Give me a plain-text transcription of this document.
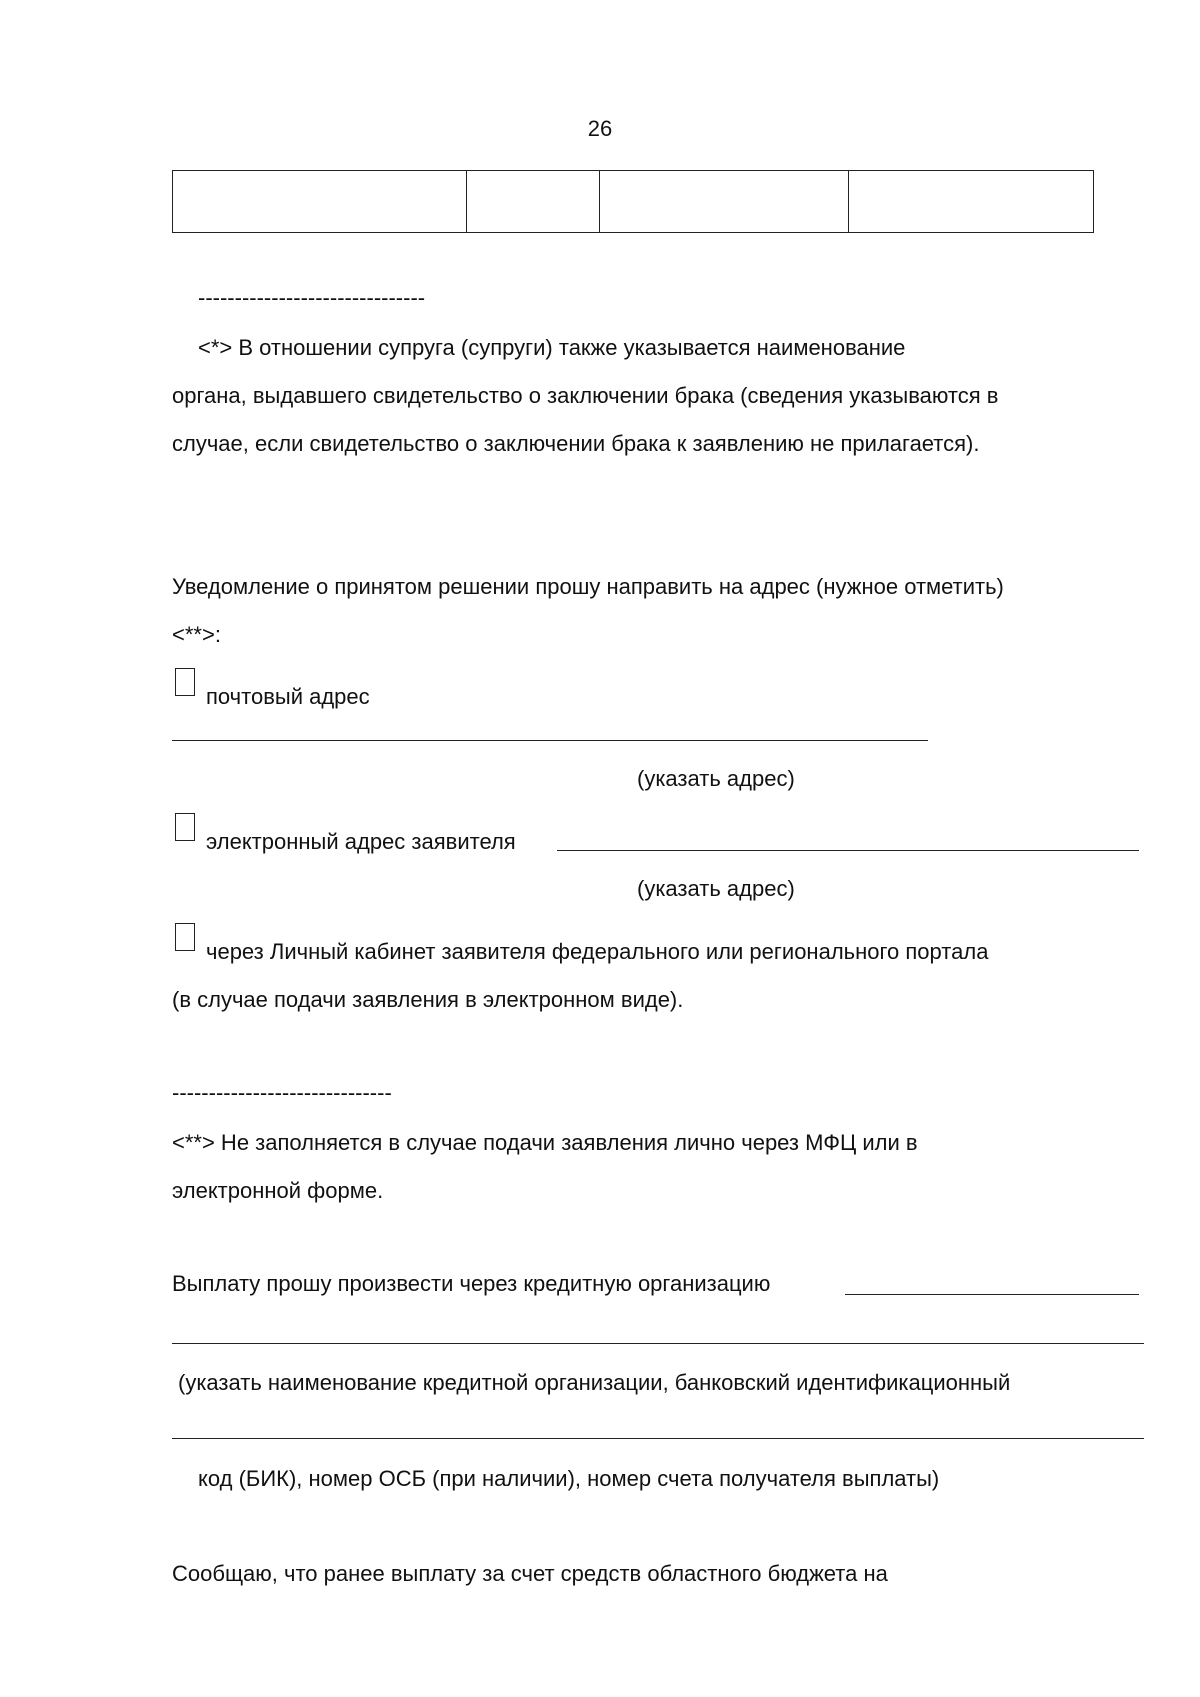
26

-------------------------------
<*> В отношении супруга (супруги) также указывается наименование
органа, выдавшего свидетельство о заключении брака (сведения указываются в
случае, если свидетельство о заключении брака к заявлению не прилагается).
Уведомление о принятом решении прошу направить на адрес (нужное отметить)
<**>:
почтовый адрес
(указать адрес)
электронный адрес заявителя
(указать адрес)
через Личный кабинет заявителя федерального или регионального портала
(в случае подачи заявления в электронном виде).
------------------------------
<**> Не заполняется в случае подачи заявления лично через МФЦ или в
электронной форме.
Выплату прошу произвести через кредитную организацию
(указать наименование кредитной организации, банковский идентификационный
код (БИК), номер ОСБ (при наличии), номер счета получателя выплаты)
Сообщаю, что ранее выплату за счет средств областного бюджета на
